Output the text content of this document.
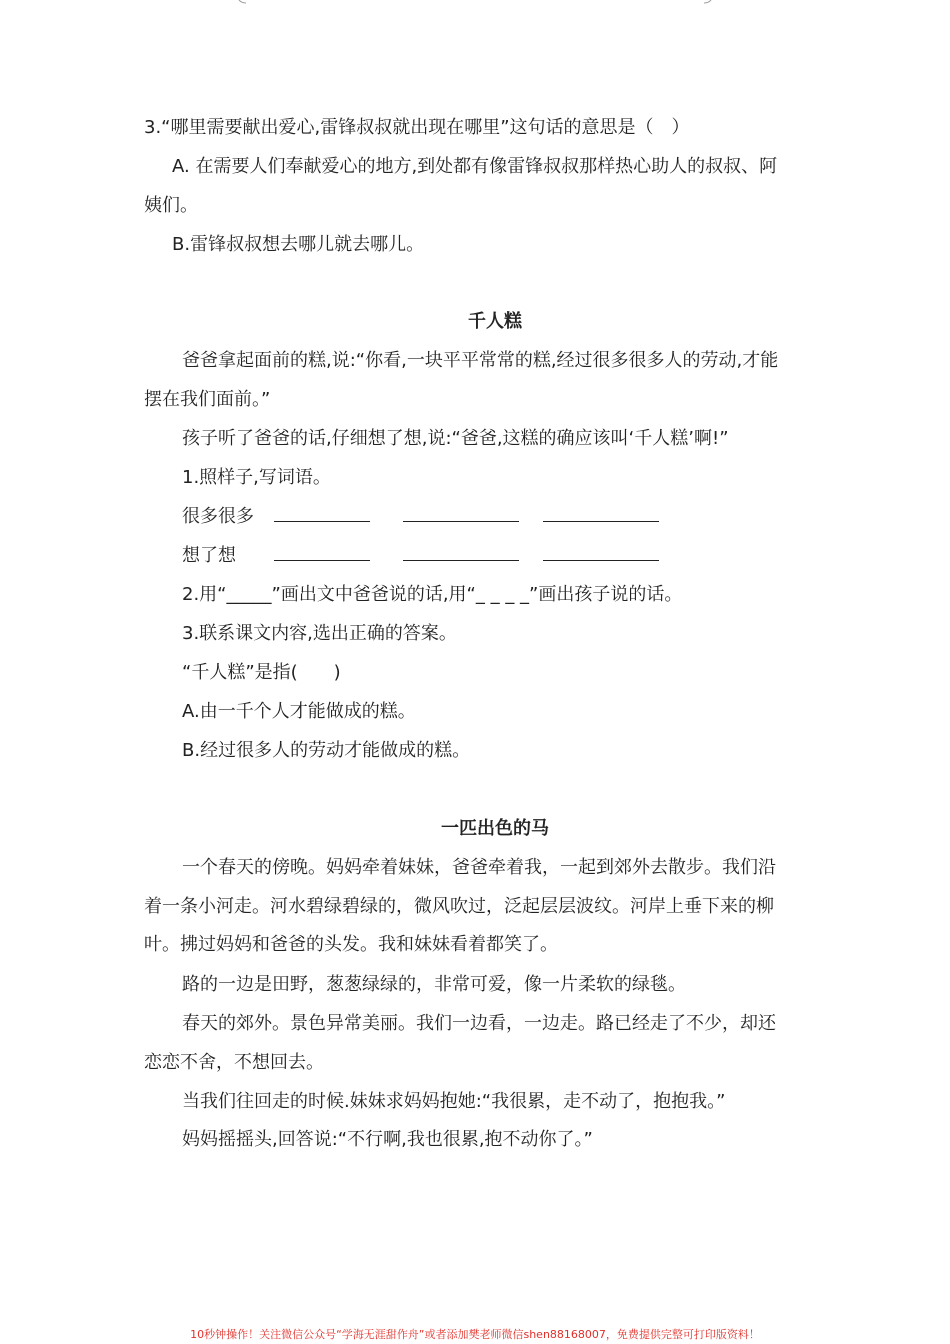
3.“哪里需要献出爱心,雷锋叔叔就出现在哪里”这句话的意思是（　）
A. 在需要人们奉献爱心的地方,到处都有像雷锋叔叔那样热心助人的叔叔、阿
姨们。
B.雷锋叔叔想去哪儿就去哪儿。
千人糕
爸爸拿起面前的糕,说:“你看,一块平平常常的糕,经过很多很多人的劳动,才能
摆在我们面前。”
孩子听了爸爸的话,仔细想了想,说:“爸爸,这糕的确应该叫‘千人糕’啊!”
1.照样子,写词语。
很多很多
想了想
2.用“_____”画出文中爸爸说的话,用“_ _ _ _”画出孩子说的话。
3.联系课文内容,选出正确的答案。
“千人糕”是指(　　)
A.由一千个人才能做成的糕。
B.经过很多人的劳动才能做成的糕。
一匹出色的马
一个春天的傍晚。妈妈牵着妹妹，爸爸牵着我，一起到郊外去散步。我们沿
着一条小河走。河水碧绿碧绿的，微风吹过，泛起层层波纹。河岸上垂下来的柳
叶。拂过妈妈和爸爸的头发。我和妹妹看着都笑了。
路的一边是田野，葱葱绿绿的，非常可爱，像一片柔软的绿毯。
春天的郊外。景色异常美丽。我们一边看，一边走。路已经走了不少，却还
恋恋不舍，不想回去。
当我们往回走的时候.妹妹求妈妈抱她:“我很累，走不动了，抱抱我。”
妈妈摇摇头,回答说:“不行啊,我也很累,抱不动你了。”
10秒钟操作！关注微信公众号“学海无涯甜作舟”或者添加樊老师微信shen88168007，免费提供完整可打印版资料！
